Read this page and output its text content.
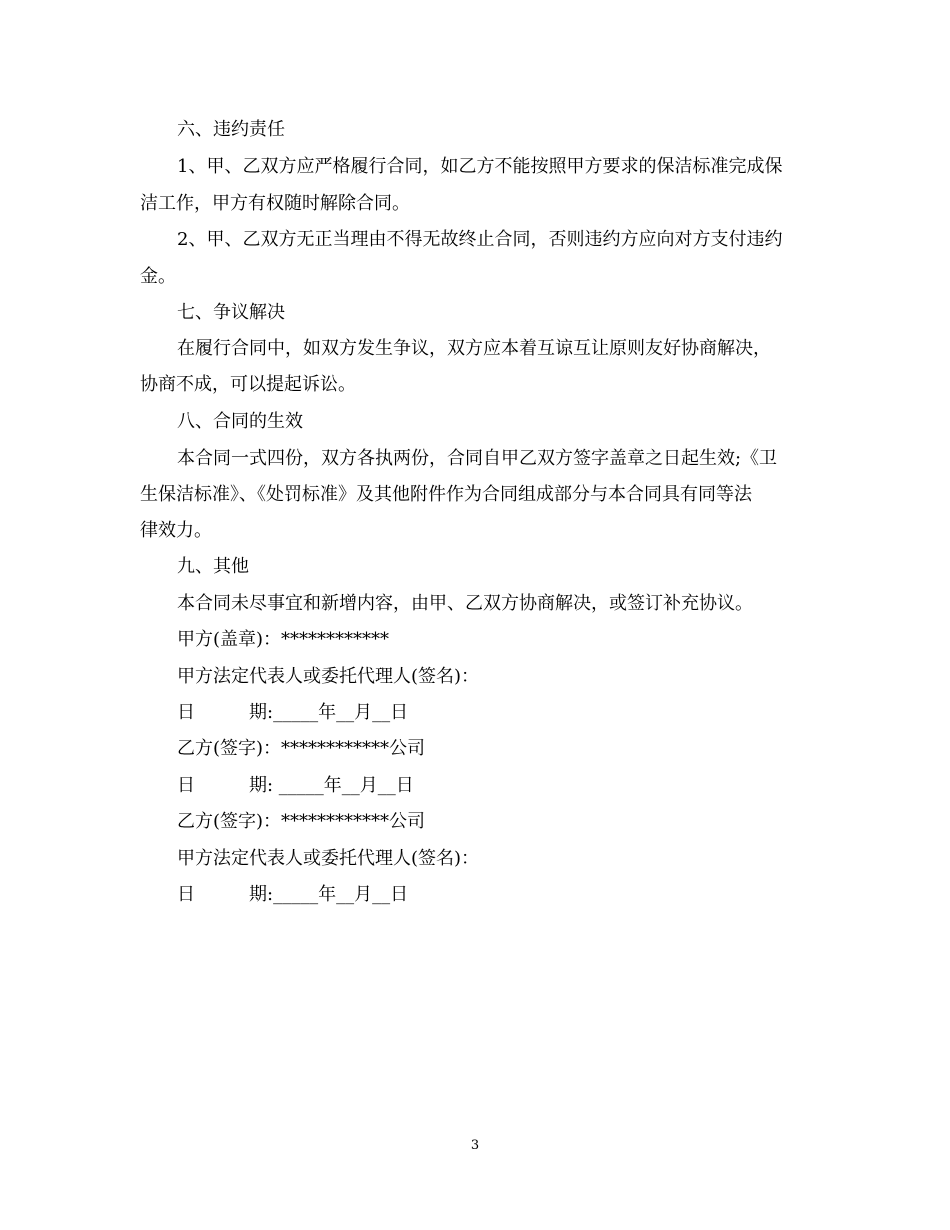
六、违约责任
1、甲、乙双方应严格履行合同，如乙方不能按照甲方要求的保洁标准完成保
洁工作，甲方有权随时解除合同。
2、甲、乙双方无正当理由不得无故终止合同，否则违约方应向对方支付违约
金。
七、争议解决
在履行合同中，如双方发生争议，双方应本着互谅互让原则友好协商解决，
协商不成，可以提起诉讼。
八、合同的生效
本合同一式四份，双方各执两份，合同自甲乙双方签字盖章之日起生效;《卫
生保洁标准》、《处罚标准》及其他附件作为合同组成部分与本合同具有同等法
律效力。
九、其他
本合同未尽事宜和新增内容，由甲、乙双方协商解决，或签订补充协议。
甲方(盖章)：************
甲方法定代表人或委托代理人(签名)：
日　　　期:_____年__月__日
乙方(签字)：************公司
日　　　期: _____年__月__日
乙方(签字)：************公司
甲方法定代表人或委托代理人(签名)：
日　　　期:_____年__月__日
3
